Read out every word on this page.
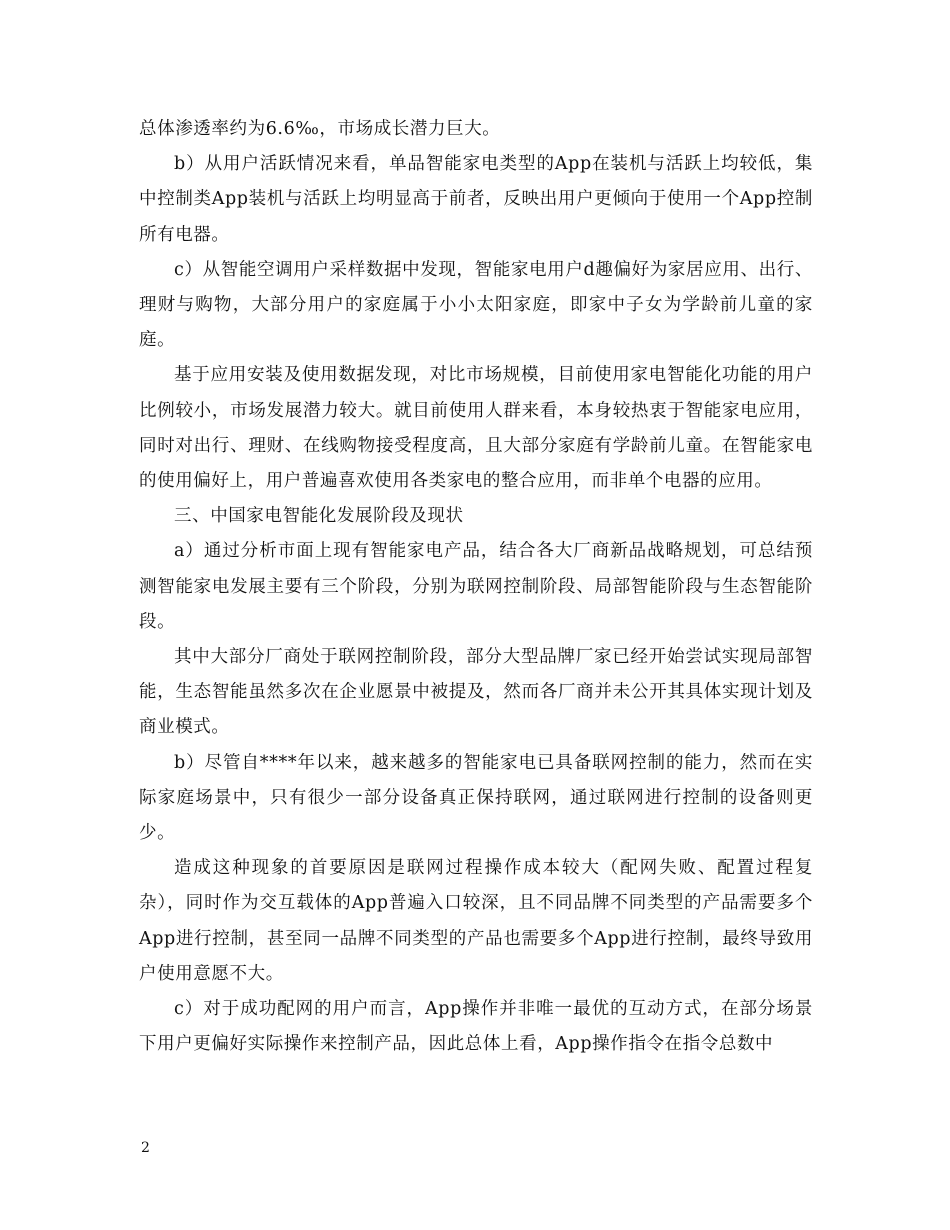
总体渗透率约为6.6‰，市场成长潜力巨大。

b）从用户活跃情况来看，单品智能家电类型的App在装机与活跃上均较低，集中控制类App装机与活跃上均明显高于前者，反映出用户更倾向于使用一个App控制所有电器。

c）从智能空调用户采样数据中发现，智能家电用户d趣偏好为家居应用、出行、理财与购物，大部分用户的家庭属于小小太阳家庭，即家中子女为学龄前儿童的家庭。

基于应用安装及使用数据发现，对比市场规模，目前使用家电智能化功能的用户比例较小，市场发展潜力较大。就目前使用人群来看，本身较热衷于智能家电应用，同时对出行、理财、在线购物接受程度高，且大部分家庭有学龄前儿童。在智能家电的使用偏好上，用户普遍喜欢使用各类家电的整合应用，而非单个电器的应用。

三、中国家电智能化发展阶段及现状

a）通过分析市面上现有智能家电产品，结合各大厂商新品战略规划，可总结预测智能家电发展主要有三个阶段，分别为联网控制阶段、局部智能阶段与生态智能阶段。

其中大部分厂商处于联网控制阶段，部分大型品牌厂家已经开始尝试实现局部智能，生态智能虽然多次在企业愿景中被提及，然而各厂商并未公开其具体实现计划及商业模式。

b）尽管自****年以来，越来越多的智能家电已具备联网控制的能力，然而在实际家庭场景中，只有很少一部分设备真正保持联网，通过联网进行控制的设备则更少。

造成这种现象的首要原因是联网过程操作成本较大（配网失败、配置过程复杂），同时作为交互载体的App普遍入口较深，且不同品牌不同类型的产品需要多个App进行控制，甚至同一品牌不同类型的产品也需要多个App进行控制，最终导致用户使用意愿不大。

c）对于成功配网的用户而言，App操作并非唯一最优的互动方式，在部分场景下用户更偏好实际操作来控制产品，因此总体上看，App操作指令在指令总数中

2
